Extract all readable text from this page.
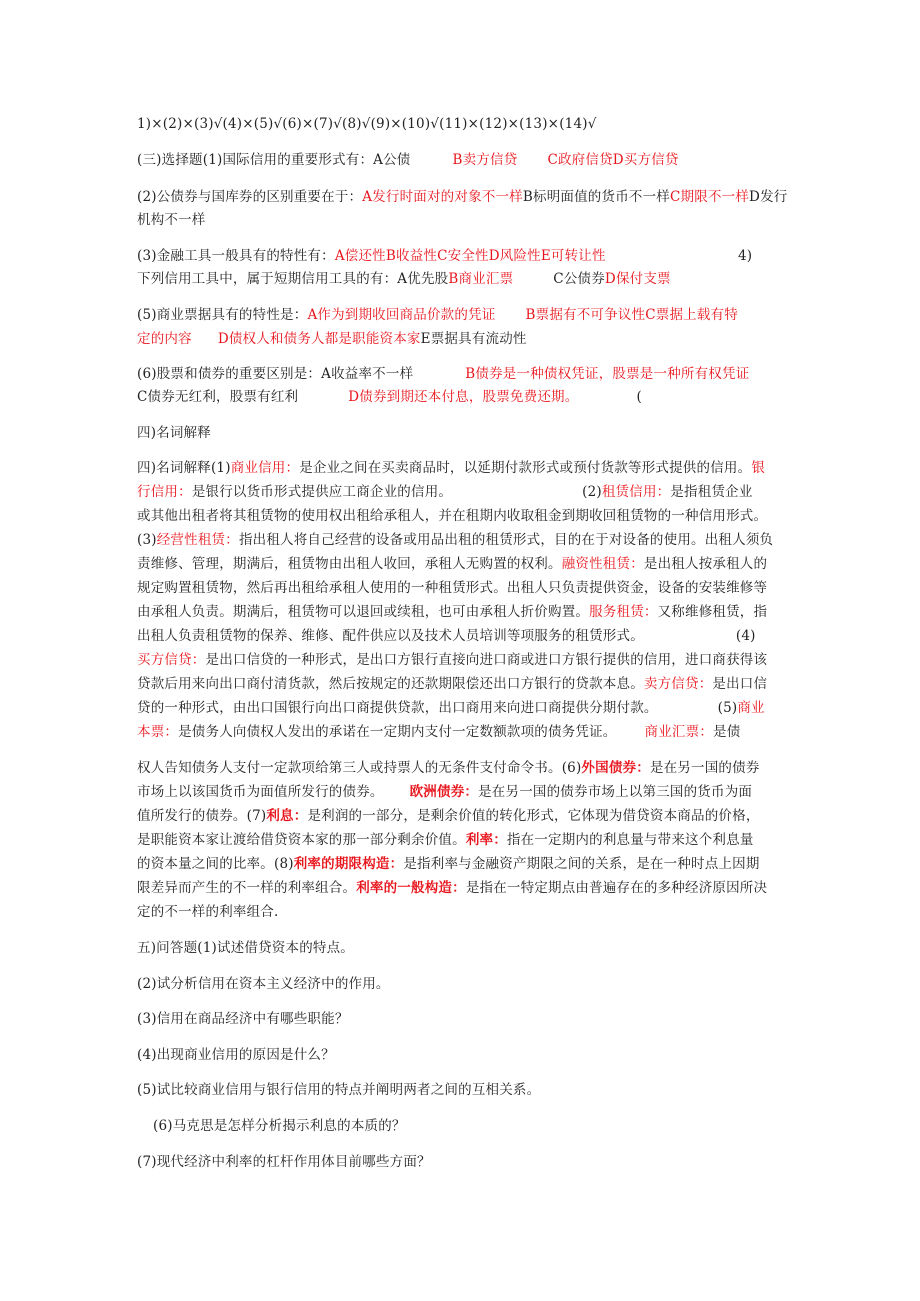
1)×(2)×(3)√(4)×(5)√(6)×(7)√(8)√(9)×(10)√(11)×(12)×(13)×(14)√
(三)选择题(1)国际信用的重要形式有：A公债	B卖方信贷 C政府信贷D买方信贷
(2)公债券与国库券的区别重要在于：A发行时面对的对象不一样B标明面值的货币不一样C期限不一样D发行
机构不一样
(3)金融工具一般具有的特性有：A偿还性B收益性C安全性D风险性E可转让性	4)
下列信用工具中，属于短期信用工具的有：A优先股B商业汇票	C公债券D保付支票
(5)商业票据具有的特性是：A作为到期收回商品价款的凭证 B票据有不可争议性C票据上载有特
定的内容 D债权人和债务人都是职能资本家E票据具有流动性
(6)股票和债券的重要区别是：A收益率不一样	B债券是一种债权凭证，股票是一种所有权凭证
C债券无红利，股票有红利	D债券到期还本付息，股票免费还期。	(
四)名词解释
四)名词解释(1)商业信用：是企业之间在买卖商品时，以延期付款形式或预付货款等形式提供的信用。银
行信用：是银行以货币形式提供应工商企业的信用。	(2)租赁信用：是指租赁企业
或其他出租者将其租赁物的使用权出租给承租人，并在租期内收取租金到期收回租赁物的一种信用形式。
(3)经营性租赁：指出租人将自己经营的设备或用品出租的租赁形式，目的在于对设备的使用。出租人须负
责维修、管理，期满后，租赁物由出租人收回，承租人无购置的权利。融资性租赁：是出租人按承租人的
规定购置租赁物，然后再出租给承租人使用的一种租赁形式。出租人只负责提供资金，设备的安装维修等
由承租人负责。期满后，租赁物可以退回或续租，也可由承租人折价购置。服务租赁：又称维修租赁，指
出租人负责租赁物的保养、维修、配件供应以及技术人员培训等项服务的租赁形式。	(4)
买方信贷：是出口信贷的一种形式，是出口方银行直接向进口商或进口方银行提供的信用，进口商获得该
贷款后用来向出口商付清货款，然后按规定的还款期限偿还出口方银行的贷款本息。卖方信贷：是出口信
贷的一种形式，由出口国银行向出口商提供贷款，出口商用来向进口商提供分期付款。	(5)商业
本票：是债务人向债权人发出的承诺在一定期内支付一定数额款项的债务凭证。 商业汇票：是债
权人告知债务人支付一定款项给第三人或持票人的无条件支付命令书。(6)外国债券：是在另一国的债券
市场上以该国货币为面值所发行的债券。 欧洲债券：是在另一国的债券市场上以第三国的货币为面
值所发行的债券。(7)利息：是利润的一部分，是剩余价值的转化形式，它体现为借贷资本商品的价格，
是职能资本家让渡给借贷资本家的那一部分剩余价值。利率：指在一定期内的利息量与带来这个利息量
的资本量之间的比率。(8)利率的期限构造：是指利率与金融资产期限之间的关系，是在一种时点上因期
限差异而产生的不一样的利率组合。利率的一般构造：是指在一特定期点由普遍存在的多种经济原因所决
定的不一样的利率组合.
五)问答题(1)试述借贷资本的特点。
(2)试分析信用在资本主义经济中的作用。
(3)信用在商品经济中有哪些职能？
(4)出现商业信用的原因是什么？
(5)试比较商业信用与银行信用的特点并阐明两者之间的互相关系。
(6)马克思是怎样分析揭示利息的本质的？
(7)现代经济中利率的杠杆作用体目前哪些方面？
